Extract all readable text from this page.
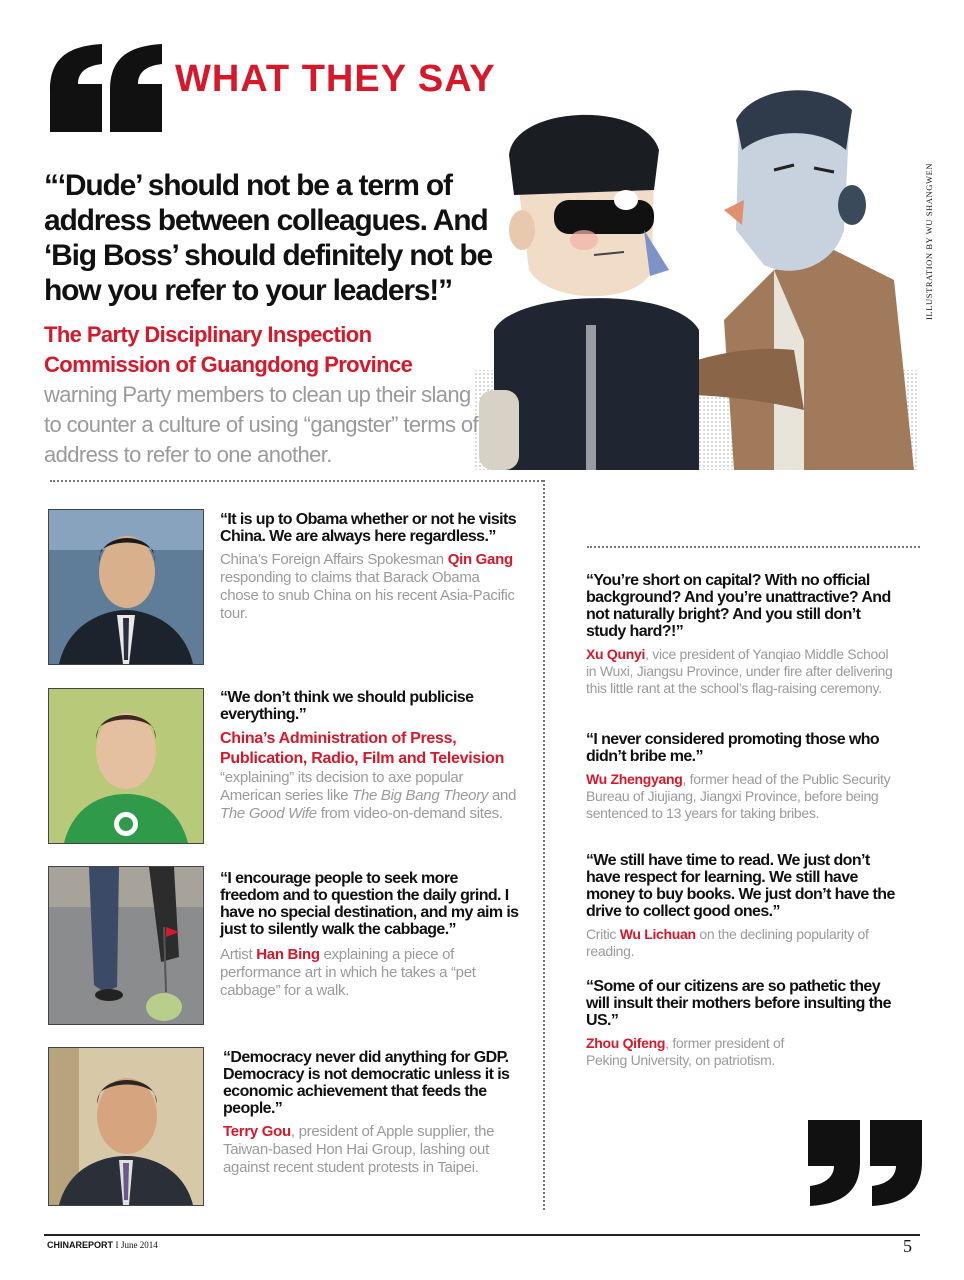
WHAT THEY SAY
ILLUSTRATION BY WU SHANGWEN
“‘Dude’ should not be a term of address between colleagues. And ‘Big Boss’ should definitely not be how you refer to your leaders!”
The Party Disciplinary Inspection Commission of Guangdong Province warning Party members to clean up their slang to counter a culture of using “gangster” terms of address to refer to one another.
“It is up to Obama whether or not he visits China. We are always here regardless.”
China’s Foreign Affairs Spokesman Qin Gang responding to claims that Barack Obama chose to snub China on his recent Asia-Pacific tour.
“We don’t think we should publicise everything.”
China’s Administration of Press, Publication, Radio, Film and Television “explaining” its decision to axe popular American series like The Big Bang Theory and The Good Wife from video-on-demand sites.
“I encourage people to seek more freedom and to question the daily grind. I have no special destination, and my aim is just to silently walk the cabbage.”
Artist Han Bing explaining a piece of performance art in which he takes a “pet cabbage” for a walk.
“Democracy never did anything for GDP. Democracy is not democratic unless it is economic achievement that feeds the people.”
Terry Gou, president of Apple supplier, the Taiwan-based Hon Hai Group, lashing out against recent student protests in Taipei.
“You’re short on capital? With no official background? And you’re unattractive? And not naturally bright? And you still don’t study hard?!”
Xu Qunyi, vice president of Yanqiao Middle School in Wuxi, Jiangsu Province, under fire after delivering this little rant at the school’s flag-raising ceremony.
“I never considered promoting those who didn’t bribe me.”
Wu Zhengyang, former head of the Public Security Bureau of Jiujiang, Jiangxi Province, before being sentenced to 13 years for taking bribes.
“We still have time to read. We just don’t have respect for learning. We still have money to buy books. We just don’t have the drive to collect good ones.”
Critic Wu Lichuan on the declining popularity of reading.
“Some of our citizens are so pathetic they will insult their mothers before insulting the US.”
Zhou Qifeng, former president of Peking University, on patriotism.
CHINAREPORT I June 2014	5
